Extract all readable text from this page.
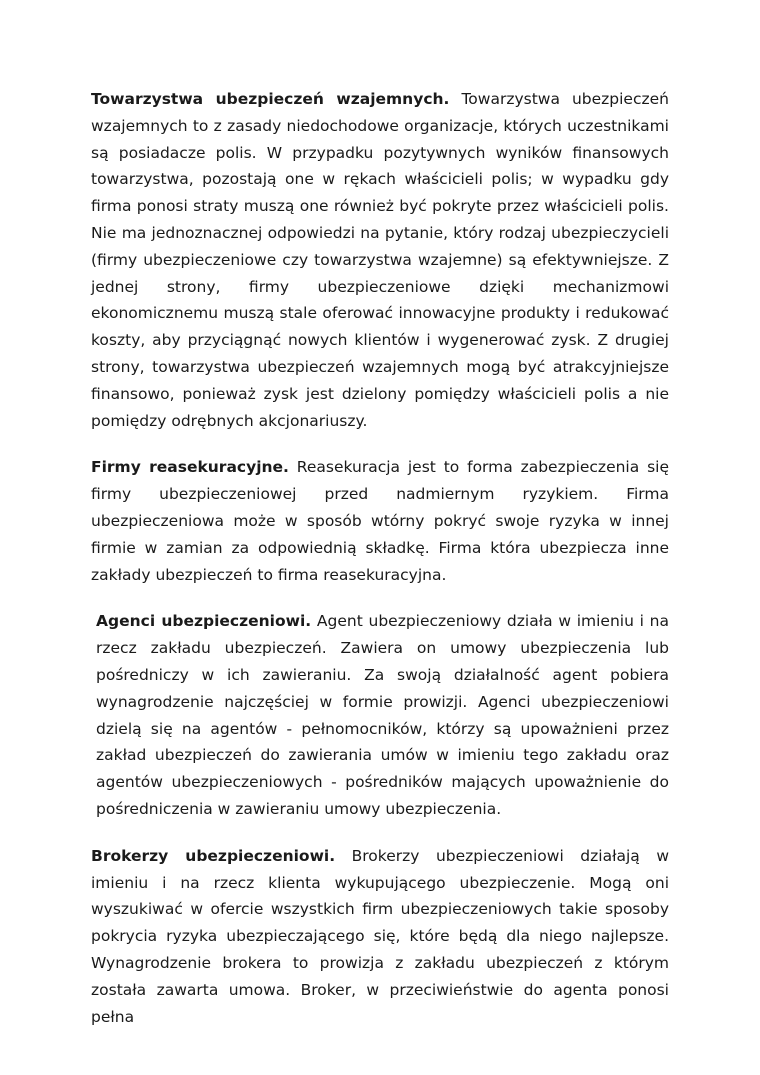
Towarzystwa ubezpieczeń wzajemnych. Towarzystwa ubezpieczeń wzajemnych to z zasady niedochodowe organizacje, których uczestnikami są posiadacze polis. W przypadku pozytywnych wyników finansowych towarzystwa, pozostają one w rękach właścicieli polis; w wypadku gdy firma ponosi straty muszą one również być pokryte przez właścicieli polis. Nie ma jednoznacznej odpowiedzi na pytanie, który rodzaj ubezpieczycieli (firmy ubezpieczeniowe czy towarzystwa wzajemne) są efektywniejsze. Z jednej strony, firmy ubezpieczeniowe dzięki mechanizmowi ekonomicznemu muszą stale oferować innowacyjne produkty i redukować koszty, aby przyciągnąć nowych klientów i wygenerować zysk. Z drugiej strony, towarzystwa ubezpieczeń wzajemnych mogą być atrakcyjniejsze finansowo, ponieważ zysk jest dzielony pomiędzy właścicieli polis a nie pomiędzy odrębnych akcjonariuszy.

Firmy reasekuracyjne. Reasekuracja jest to forma zabezpieczenia się firmy ubezpieczeniowej przed nadmiernym ryzykiem. Firma ubezpieczeniowa może w sposób wtórny pokryć swoje ryzyka w innej firmie w zamian za odpowiednią składkę. Firma która ubezpiecza inne zakłady ubezpieczeń to firma reasekuracyjna.

Agenci ubezpieczeniowi. Agent ubezpieczeniowy działa w imieniu i na rzecz zakładu ubezpieczeń. Zawiera on umowy ubezpieczenia lub pośredniczy w ich zawieraniu. Za swoją działalność agent pobiera wynagrodzenie najczęściej w formie prowizji. Agenci ubezpieczeniowi dzielą się na agentów - pełnomocników, którzy są upoważnieni przez zakład ubezpieczeń do zawierania umów w imieniu tego zakładu oraz agentów ubezpieczeniowych - pośredników mających upoważnienie do pośredniczenia w zawieraniu umowy ubezpieczenia.

Brokerzy ubezpieczeniowi. Brokerzy ubezpieczeniowi działają w imieniu i na rzecz klienta wykupującego ubezpieczenie. Mogą oni wyszukiwać w ofercie wszystkich firm ubezpieczeniowych takie sposoby pokrycia ryzyka ubezpieczającego się, które będą dla niego najlepsze. Wynagrodzenie brokera to prowizja z zakładu ubezpieczeń z którym została zawarta umowa. Broker, w przeciwieństwie do agenta ponosi pełna
